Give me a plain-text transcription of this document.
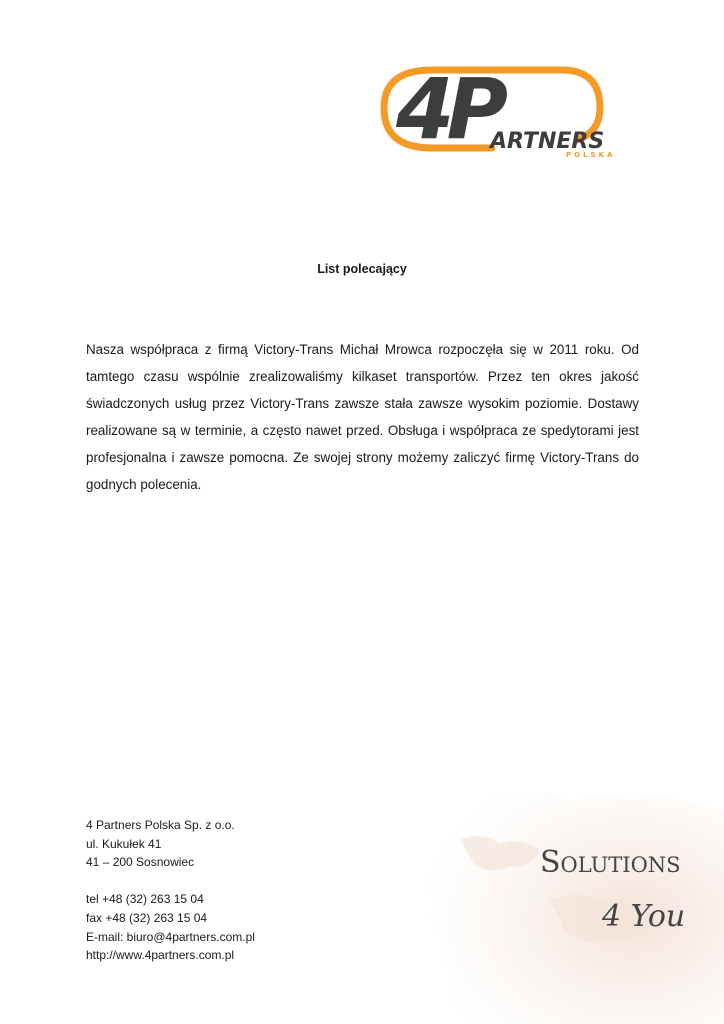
4P
ARTNERS
POLSKA

List polecający

Nasza współpraca z firmą Victory-Trans Michał Mrowca rozpoczęła się w 2011 roku. Od tamtego czasu wspólnie zrealizowaliśmy kilkaset transportów. Przez ten okres jakość świadczonych usług przez Victory-Trans zawsze stała zawsze wysokim poziomie. Dostawy realizowane są w terminie, a często nawet przed. Obsługa i współpraca ze spedytorami jest profesjonalna i zawsze pomocna. Ze swojej strony możemy zaliczyć firmę Victory-Trans do godnych polecenia.

Solutions
4 You
4 Partners Polska Sp. z o.o.
ul. Kukułek 41
41 – 200 Sosnowiec
tel +48 (32) 263 15 04
fax +48 (32) 263 15 04
E-mail: biuro@4partners.com.pl
http://www.4partners.com.pl
